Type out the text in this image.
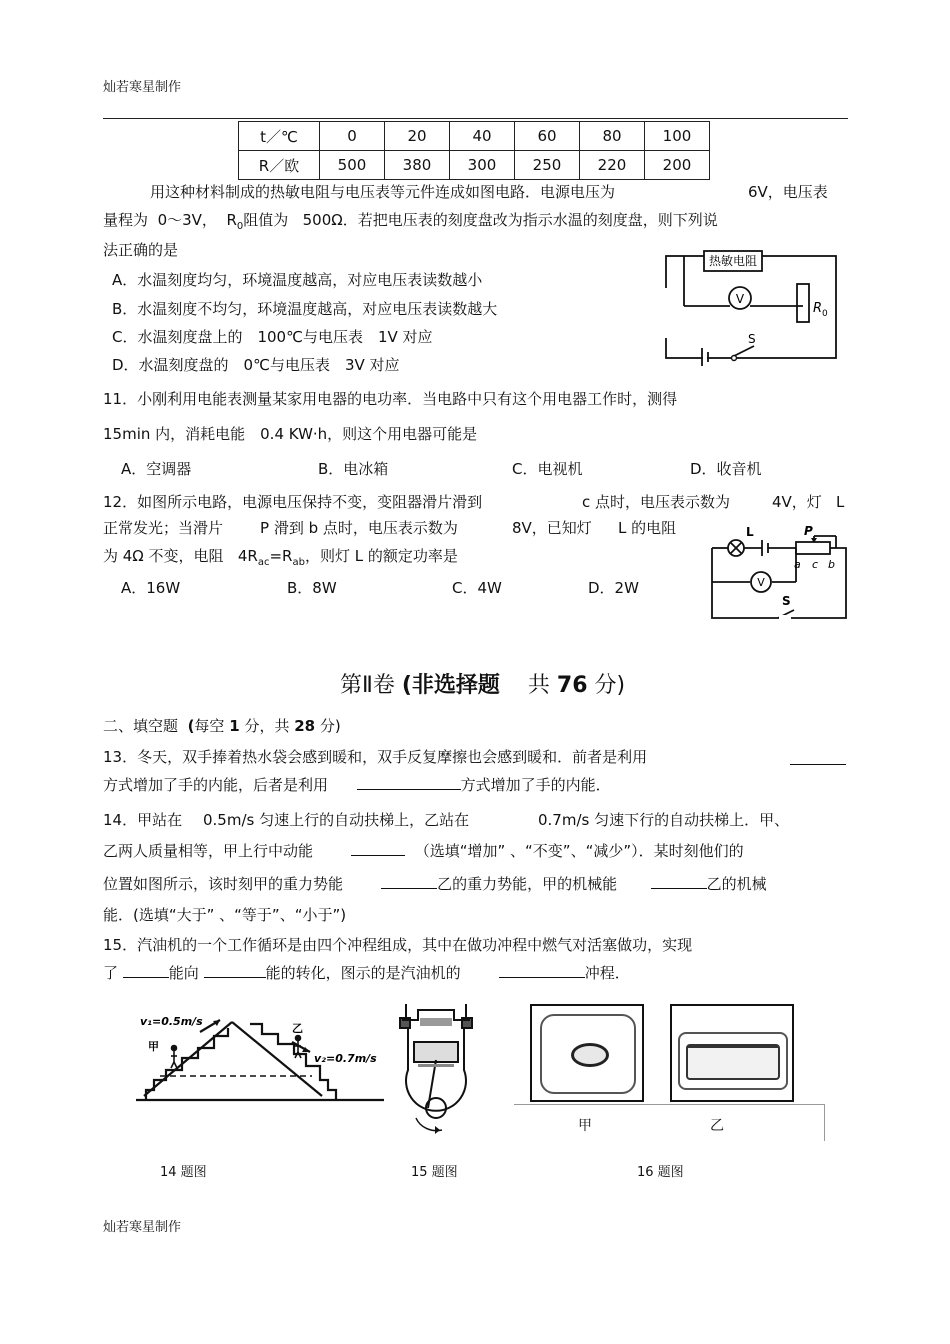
灿若寒星制作
t／℃	0	20	40	60	80	100
R／欧	500	380	300	250	220	200
用这种材料制成的热敏电阻与电压表等元件连成如图电路．电源电压为	6V，电压表
量程为 0～3V， $R_0$阻值为 500Ω．若把电压表的刻度盘改为指示水温的刻度盘，则下列说
法正确的是
A．水温刻度均匀，环境温度越高，对应电压表读数越小
B．水温刻度不均匀，环境温度越高，对应电压表读数越大
C．水温刻度盘上的　100℃与电压表　1V 对应
D．水温刻度盘的　0℃与电压表　3V 对应
热敏电阻
V
R 0
S
11．小刚利用电能表测量某家用电器的电功率．当电路中只有这个用电器工作时，测得
15min 内，消耗电能　0.4 KW·h，则这个用电器可能是
A．空调器	B．电冰箱	C．电视机	D．收音机
12．如图所示电路，电源电压保持不变，变阻器滑片滑到	c 点时，电压表示数为	4V，灯 L
正常发光；当滑片 P 滑到 b 点时，电压表示数为	8V，已知灯 L 的电阻
为 4Ω 不变，电阻 $4R_{ac}=R_{ab}$，则灯 L 的额定功率是
A．16W	B．8W	C．4W	D．2W
L	P
a c b
V
S
第Ⅱ卷 (非选择题 共 76 分)
二、填空题 (每空 1 分，共 28 分)
13．冬天，双手捧着热水袋会感到暖和，双手反复摩擦也会感到暖和．前者是利用
方式增加了手的内能，后者是利用	方式增加了手的内能．
14．甲站在 0.5m/s 匀速上行的自动扶梯上，乙站在	0.7m/s 匀速下行的自动扶梯上．甲、
乙两人质量相等，甲上行中动能	（选填“增加” 、“不变”、“减少”）．某时刻他们的
位置如图所示，该时刻甲的重力势能	乙的重力势能，甲的机械能	乙的机械
能．(选填“大于” 、“等于”、“小于”)
15．汽油机的一个工作循环是由四个冲程组成，其中在做功冲程中燃气对活塞做功，实现
了	能向	能的转化，图示的是汽油机的	冲程．
v₁=0.5m/s
甲
乙
v₂=0.7m/s
甲	乙
14 题图	15 题图	16 题图
灿若寒星制作
